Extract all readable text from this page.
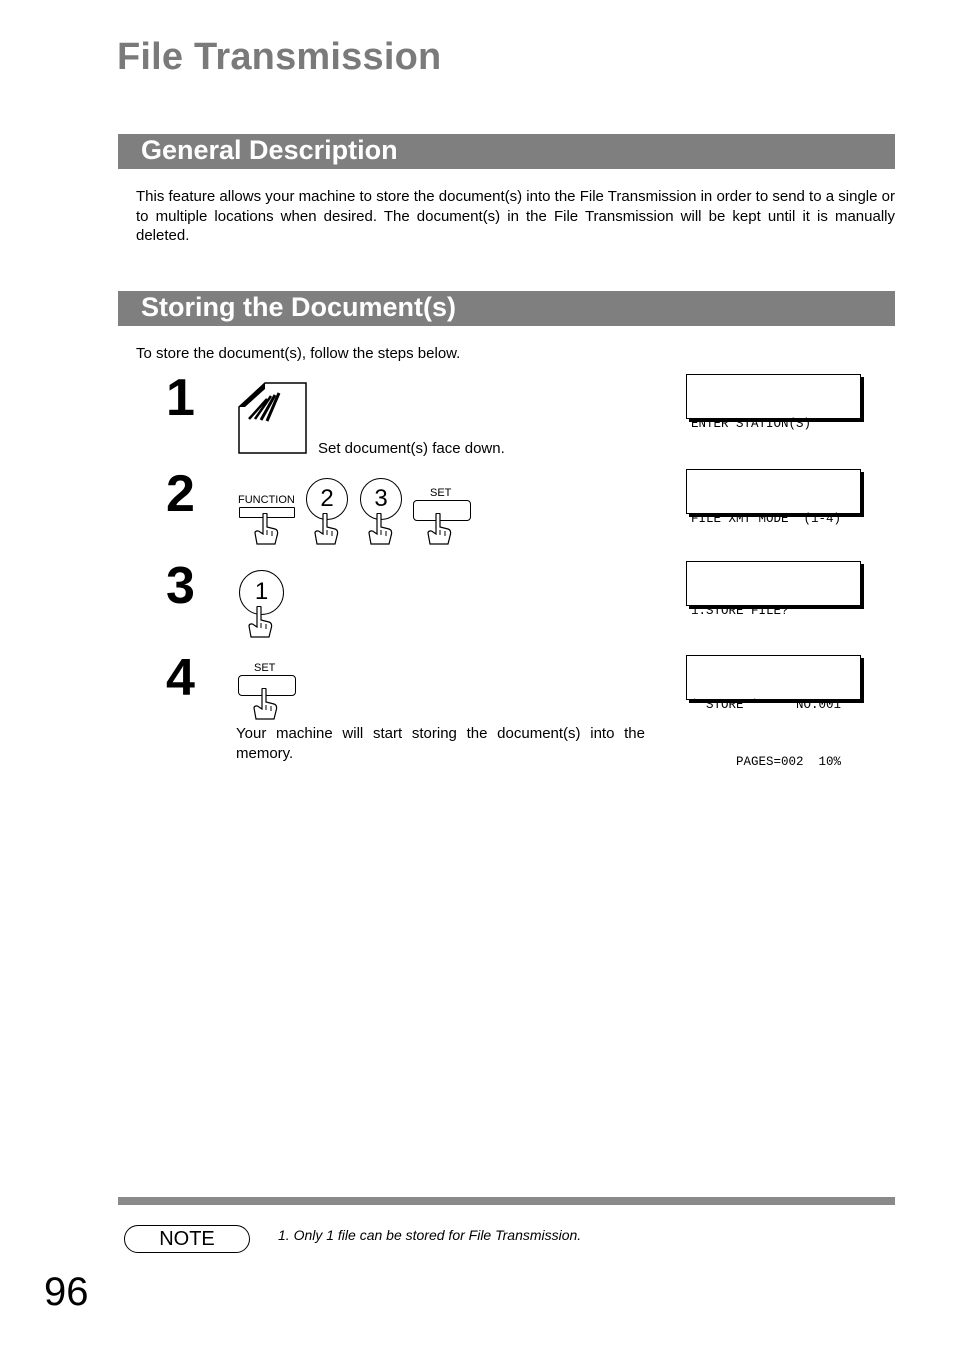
File Transmission
General Description
This feature allows your machine to store the document(s) into the File Transmission in order to send to a single or to multiple locations when desired. The document(s) in the File Transmission will be kept until it is manually deleted.
Storing the Document(s)
To store the document(s), follow the steps below.
1
Set document(s) face down.

ENTER STATION(S)

2	FUNCTION	2	3	SET

FILE XMT MODE  (1-4)

3	1

1:STORE FILE?

4	SET
Your machine will start storing the document(s) into the memory.

* STORE *     NO.001

PAGES=002  10%

NOTE	1. Only 1 file can be stored for File Transmission.
96
